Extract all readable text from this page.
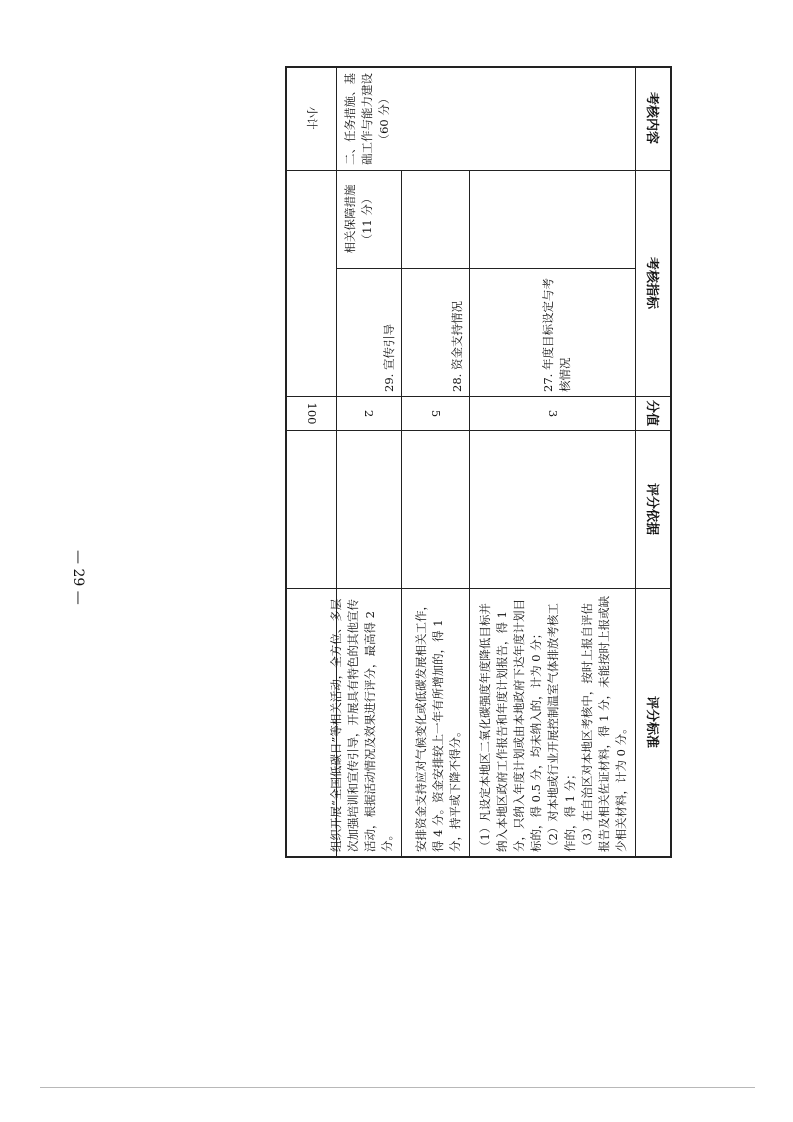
考核内容
考核指标
分值
评分依据
评分标准
二、任务措施、基础工作与能力建设 （60 分）
相关保障措施 （11 分）
27. 年度目标设定与考核情况
3

（1）凡设定本地区二氧化碳强度年度降低目标并纳入本地区政府工作报告和年度计划报告，得 1 分，只纳入年度计划或由本地政府下达年度计划目标的，得 0.5 分，均未纳入的，计为 0 分； （2）对本地或行业开展控制温室气体排放考核工作的，得 1 分； （3）在自治区对本地区考核中，按时上报自评估报告及相关佐证材料，得 1 分，未能按时上报或缺少相关材料，计为 0 分。

28. 资金支持情况
5

安排资金支持应对气候变化或低碳发展相关工作，得 4 分。资金安排较上一年有所增加的，得 1 分，持平或下降不得分。

29. 宣传引导
2

组织开展“全国低碳日”等相关活动，全方位、多层次加强培训和宣传引导，开展具有特色的其他宣传活动，根据活动情况及效果进行评分，最高得 2 分。

小计
100
— 29 —
